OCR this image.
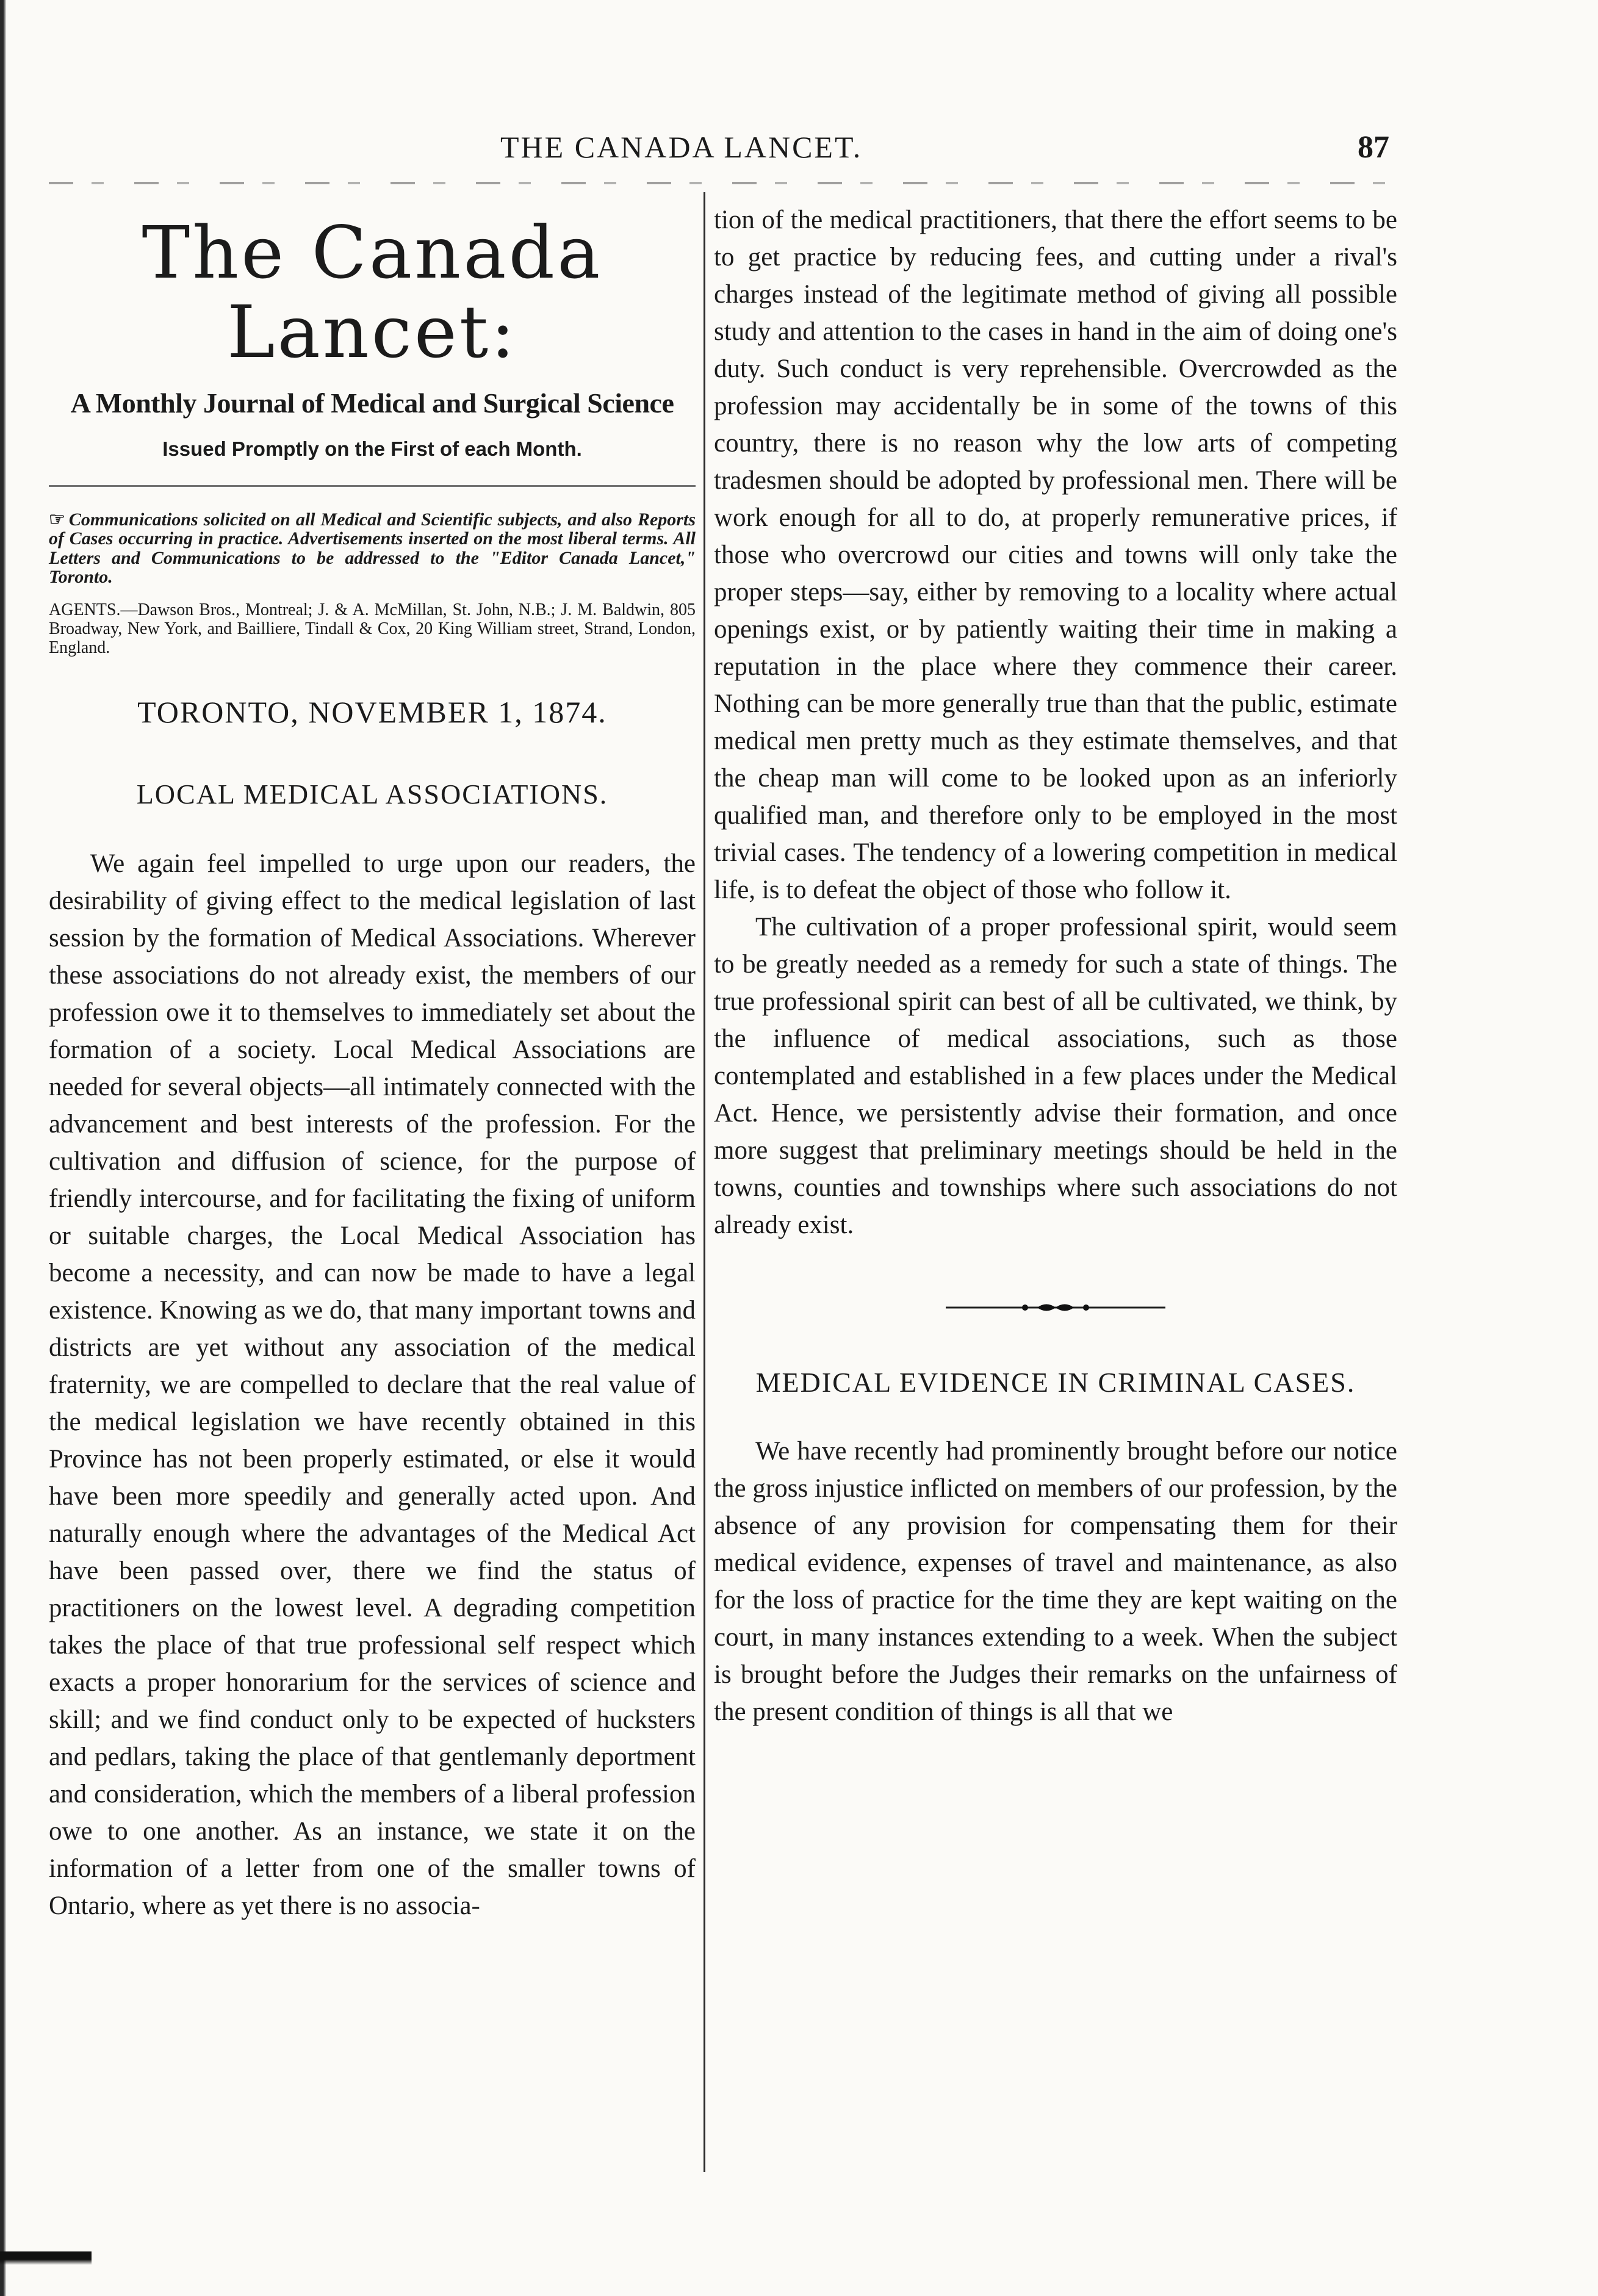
THE CANADA LANCET.	87
The Canada Lancet:
A Monthly Journal of Medical and Surgical Science
Issued Promptly on the First of each Month.
☞ Communications solicited on all Medical and Scientific subjects, and also Reports of Cases occurring in practice. Advertisements inserted on the most liberal terms. All Letters and Communications to be addressed to the "Editor Canada Lancet," Toronto.
AGENTS.—Dawson Bros., Montreal; J. & A. McMillan, St. John, N.B.; J. M. Baldwin, 805 Broadway, New York, and Bailliere, Tindall & Cox, 20 King William street, Strand, London, England.
TORONTO, NOVEMBER 1, 1874.
LOCAL MEDICAL ASSOCIATIONS.

We again feel impelled to urge upon our readers, the desirability of giving effect to the medical legislation of last session by the formation of Medical Associations. Wherever these associations do not already exist, the members of our profession owe it to themselves to immediately set about the formation of a society. Local Medical Associations are needed for several objects—all intimately connected with the advancement and best interests of the profession. For the cultivation and diffusion of science, for the purpose of friendly intercourse, and for facilitating the fixing of uniform or suitable charges, the Local Medical Association has become a necessity, and can now be made to have a legal existence. Knowing as we do, that many important towns and districts are yet without any association of the medical fraternity, we are compelled to declare that the real value of the medical legislation we have recently obtained in this Province has not been properly estimated, or else it would have been more speedily and generally acted upon. And naturally enough where the advantages of the Medical Act have been passed over, there we find the status of practitioners on the lowest level. A degrading competition takes the place of that true professional self respect which exacts a proper honorarium for the services of science and skill; and we find conduct only to be expected of hucksters and pedlars, taking the place of that gentlemanly deportment and consideration, which the members of a liberal profession owe to one another. As an instance, we state it on the information of a letter from one of the smaller towns of Ontario, where as yet there is no associa-

tion of the medical practitioners, that there the effort seems to be to get practice by reducing fees, and cutting under a rival's charges instead of the legitimate method of giving all possible study and attention to the cases in hand in the aim of doing one's duty. Such conduct is very reprehensible. Overcrowded as the profession may accidentally be in some of the towns of this country, there is no reason why the low arts of competing tradesmen should be adopted by professional men. There will be work enough for all to do, at properly remunerative prices, if those who overcrowd our cities and towns will only take the proper steps—say, either by removing to a locality where actual openings exist, or by patiently waiting their time in making a reputation in the place where they commence their career. Nothing can be more generally true than that the public, estimate medical men pretty much as they estimate themselves, and that the cheap man will come to be looked upon as an inferiorly qualified man, and therefore only to be employed in the most trivial cases. The tendency of a lowering competition in medical life, is to defeat the object of those who follow it.

The cultivation of a proper professional spirit, would seem to be greatly needed as a remedy for such a state of things. The true professional spirit can best of all be cultivated, we think, by the influence of medical associations, such as those contemplated and established in a few places under the Medical Act. Hence, we persistently advise their formation, and once more suggest that preliminary meetings should be held in the towns, counties and townships where such associations do not already exist.

MEDICAL EVIDENCE IN CRIMINAL CASES.

We have recently had prominently brought before our notice the gross injustice inflicted on members of our profession, by the absence of any provision for compensating them for their medical evidence, expenses of travel and maintenance, as also for the loss of practice for the time they are kept waiting on the court, in many instances extending to a week. When the subject is brought before the Judges their remarks on the unfairness of the present condition of things is all that we
